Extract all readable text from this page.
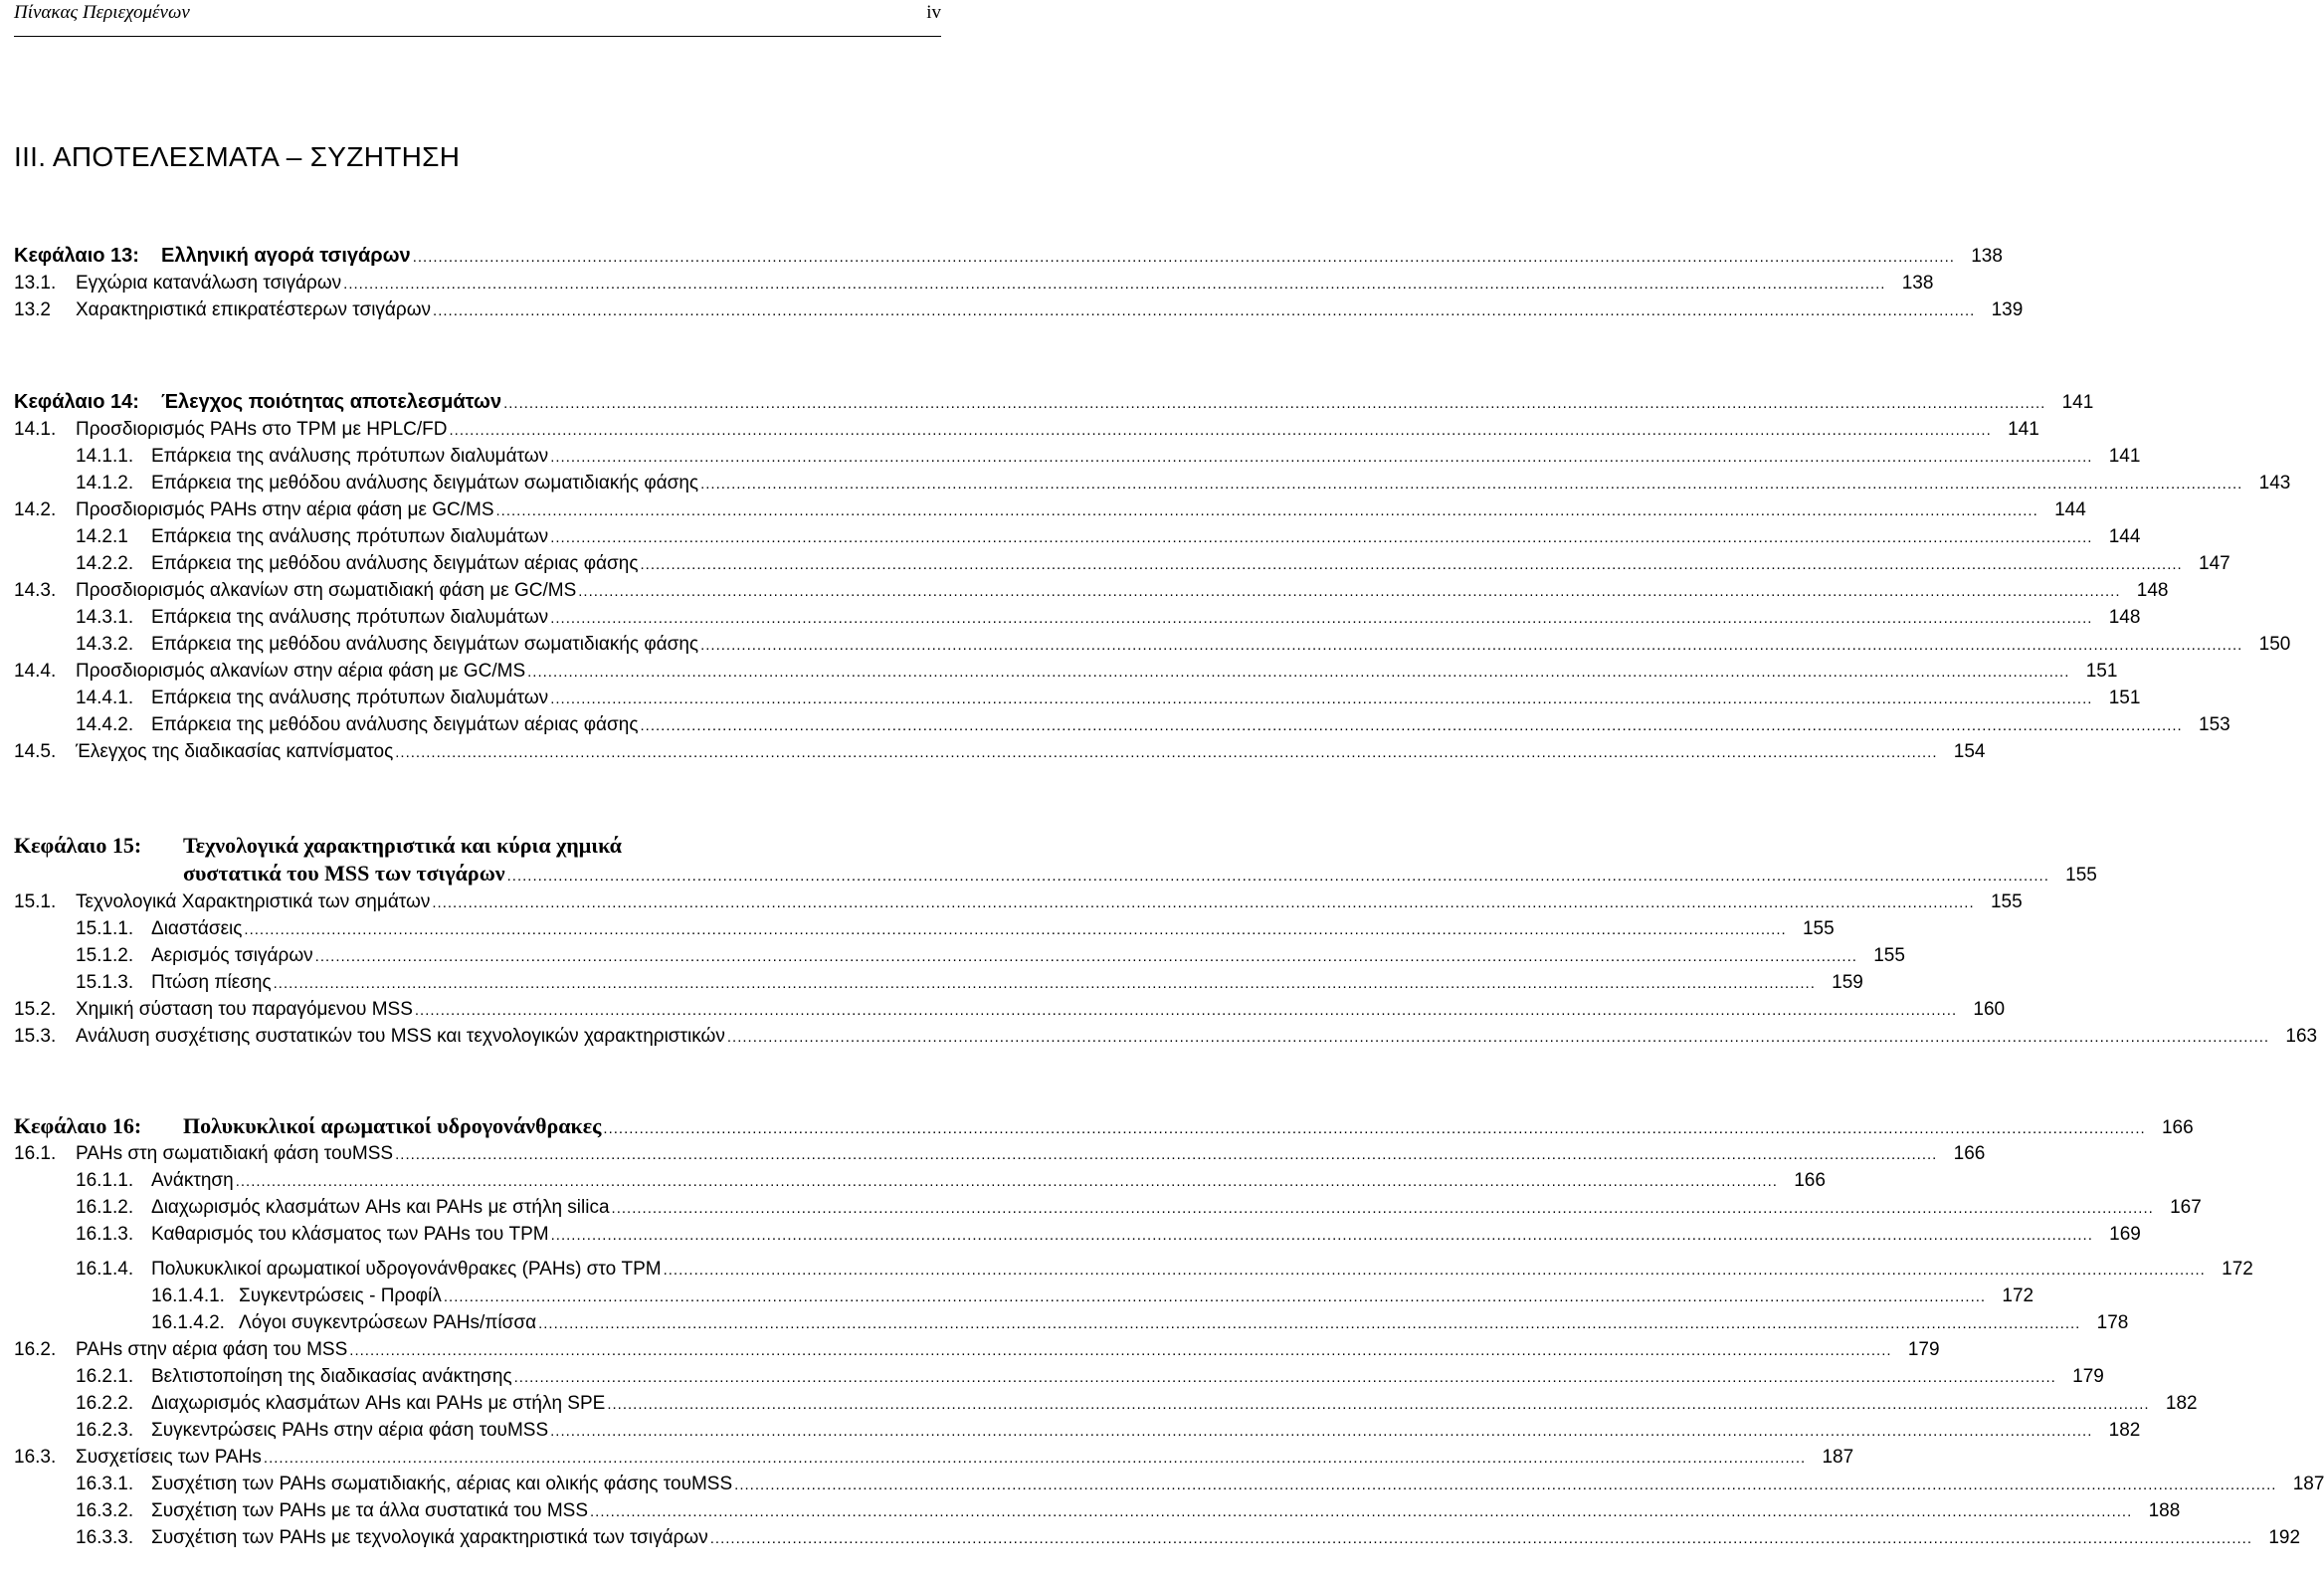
Πίνακας Περιεχομένων	iv
ΙΙΙ. ΑΠΟΤΕΛΕΣΜΑΤΑ – ΣΥΖΗΤΗΣΗ
Κεφάλαιο 13: Ελληνική αγορά τσιγάρων ............................................................................................................................................................................................................................................................................................................ 138
13.1. Εγχώρια κατανάλωση τσιγάρων ............................................................................................................................................................................................................................................................................................................ 138
13.2 Χαρακτηριστικά επικρατέστερων τσιγάρων ............................................................................................................................................................................................................................................................................................................ 139
Κεφάλαιο 14: Έλεγχος ποιότητας αποτελεσμάτων ............................................................................................................................................................................................................................................................................................................ 141
14.1. Προσδιορισμός PAHs στο TPM με HPLC/FD ............................................................................................................................................................................................................................................................................................................ 141
14.1.1. Επάρκεια της ανάλυσης πρότυπων διαλυμάτων ............................................................................................................................................................................................................................................................................................................ 141
14.1.2. Επάρκεια της μεθόδου ανάλυσης δειγμάτων σωματιδιακής φάσης ............................................................................................................................................................................................................................................................................................................ 143
14.2. Προσδιορισμός PAHs στην αέρια φάση με GC/MS ............................................................................................................................................................................................................................................................................................................ 144
14.2.1 Επάρκεια της ανάλυσης πρότυπων διαλυμάτων ............................................................................................................................................................................................................................................................................................................ 144
14.2.2. Επάρκεια της μεθόδου ανάλυσης δειγμάτων αέριας φάσης ............................................................................................................................................................................................................................................................................................................ 147
14.3. Προσδιορισμός αλκανίων στη σωματιδιακή φάση με GC/MS ............................................................................................................................................................................................................................................................................................................ 148
14.3.1. Επάρκεια της ανάλυσης πρότυπων διαλυμάτων ............................................................................................................................................................................................................................................................................................................ 148
14.3.2. Επάρκεια της μεθόδου ανάλυσης δειγμάτων σωματιδιακής φάσης ............................................................................................................................................................................................................................................................................................................ 150
14.4. Προσδιορισμός αλκανίων στην αέρια φάση με GC/MS ............................................................................................................................................................................................................................................................................................................ 151
14.4.1. Επάρκεια της ανάλυσης πρότυπων διαλυμάτων ............................................................................................................................................................................................................................................................................................................ 151
14.4.2. Επάρκεια της μεθόδου ανάλυσης δειγμάτων αέριας φάσης ............................................................................................................................................................................................................................................................................................................ 153
14.5. Έλεγχος της διαδικασίας καπνίσματος ............................................................................................................................................................................................................................................................................................................ 154
Κεφάλαιο 15: Τεχνολογικά χαρακτηριστικά και κύρια χημικά
συστατικά του MSS των τσιγάρων ............................................................................................................................................................................................................................................................................................................ 155
15.1. Τεχνολογικά Χαρακτηριστικά των σημάτων ............................................................................................................................................................................................................................................................................................................ 155
15.1.1. Διαστάσεις ............................................................................................................................................................................................................................................................................................................ 155
15.1.2. Αερισμός τσιγάρων ............................................................................................................................................................................................................................................................................................................ 155
15.1.3. Πτώση πίεσης ............................................................................................................................................................................................................................................................................................................ 159
15.2. Χημική σύσταση του παραγόμενου MSS ............................................................................................................................................................................................................................................................................................................ 160
15.3. Ανάλυση συσχέτισης συστατικών του MSS και τεχνολογικών χαρακτηριστικών ............................................................................................................................................................................................................................................................................................................ 163
Κεφάλαιο 16: Πολυκυκλικοί αρωματικοί υδρογονάνθρακες ............................................................................................................................................................................................................................................................................................................ 166
16.1. PAHs στη σωματιδιακή φάση τουMSS ............................................................................................................................................................................................................................................................................................................ 166
16.1.1. Ανάκτηση ............................................................................................................................................................................................................................................................................................................ 166
16.1.2. Διαχωρισμός κλασμάτων AHs και PAHs με στήλη silica ............................................................................................................................................................................................................................................................................................................ 167
16.1.3. Καθαρισμός του κλάσματος των PAHs του TPM ............................................................................................................................................................................................................................................................................................................ 169
16.1.4. Πολυκυκλικοί αρωματικοί υδρογονάνθρακες (PAHs) στο TPM ............................................................................................................................................................................................................................................................................................................ 172
16.1.4.1. Συγκεντρώσεις - Προφίλ ............................................................................................................................................................................................................................................................................................................ 172
16.1.4.2. Λόγοι συγκεντρώσεων PAHs/πίσσα ............................................................................................................................................................................................................................................................................................................ 178
16.2. PAHs στην αέρια φάση του MSS ............................................................................................................................................................................................................................................................................................................ 179
16.2.1. Βελτιστοποίηση της διαδικασίας ανάκτησης ............................................................................................................................................................................................................................................................................................................ 179
16.2.2. Διαχωρισμός κλασμάτων AHs και PAHs με στήλη SPE ............................................................................................................................................................................................................................................................................................................ 182
16.2.3. Συγκεντρώσεις PAHs στην αέρια φάση τουMSS ............................................................................................................................................................................................................................................................................................................ 182
16.3. Συσχετίσεις των PAHs ............................................................................................................................................................................................................................................................................................................ 187
16.3.1. Συσχέτιση των PAHs σωματιδιακής, αέριας και ολικής φάσης τουMSS ............................................................................................................................................................................................................................................................................................................ 187
16.3.2. Συσχέτιση των PAHs με τα άλλα συστατικά του MSS ............................................................................................................................................................................................................................................................................................................ 188
16.3.3. Συσχέτιση των PAHs με τεχνολογικά χαρακτηριστικά των τσιγάρων ............................................................................................................................................................................................................................................................................................................ 192
